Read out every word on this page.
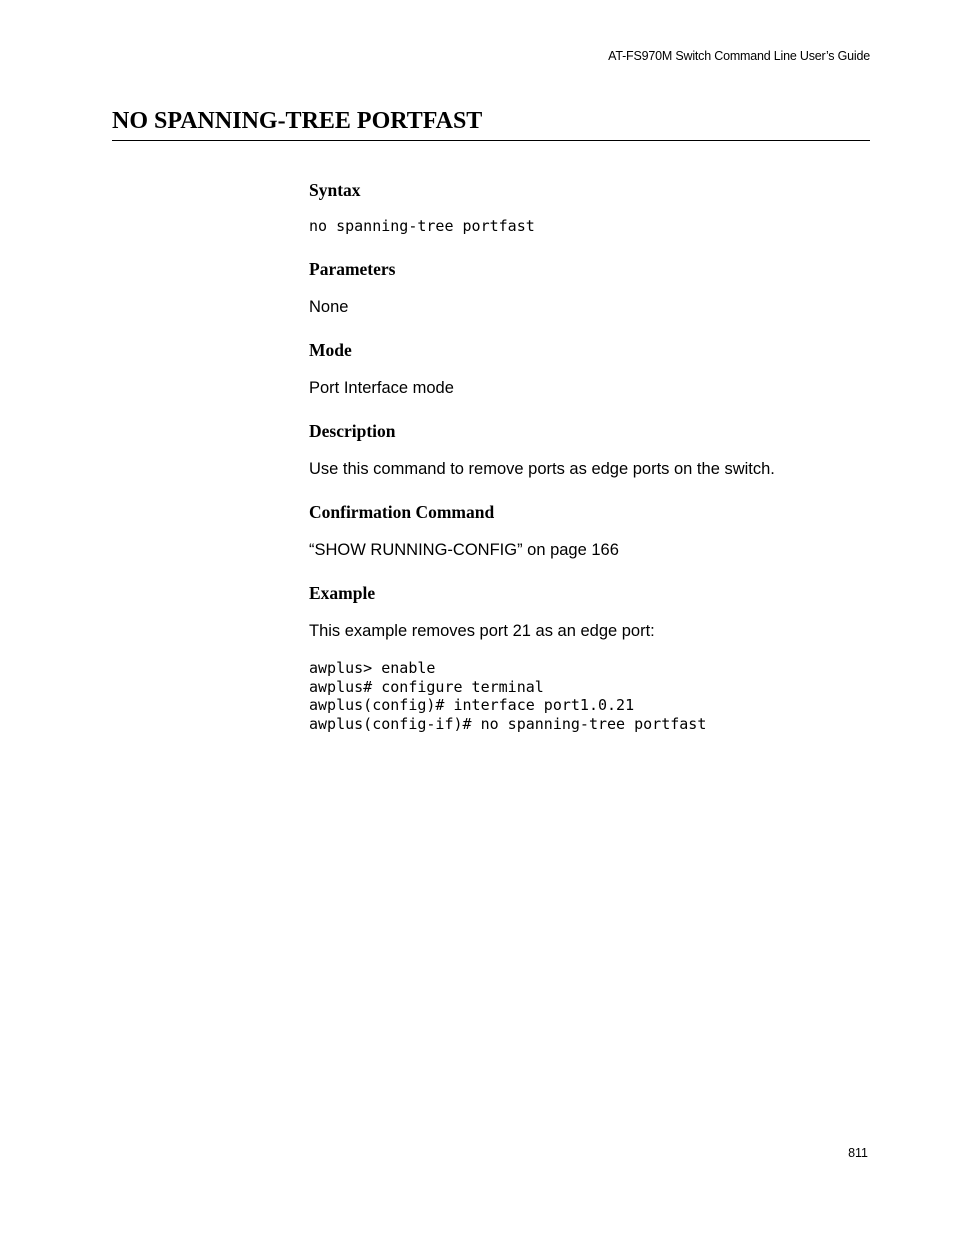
AT-FS970M Switch Command Line User’s Guide
NO SPANNING-TREE PORTFAST
Syntax
no spanning-tree portfast
Parameters

None

Mode

Port Interface mode

Description

Use this command to remove ports as edge ports on the switch.

Confirmation Command

“SHOW RUNNING-CONFIG” on page 166

Example

This example removes port 21 as an edge port:

awplus> enable
awplus# configure terminal
awplus(config)# interface port1.0.21
awplus(config-if)# no spanning-tree portfast
811
